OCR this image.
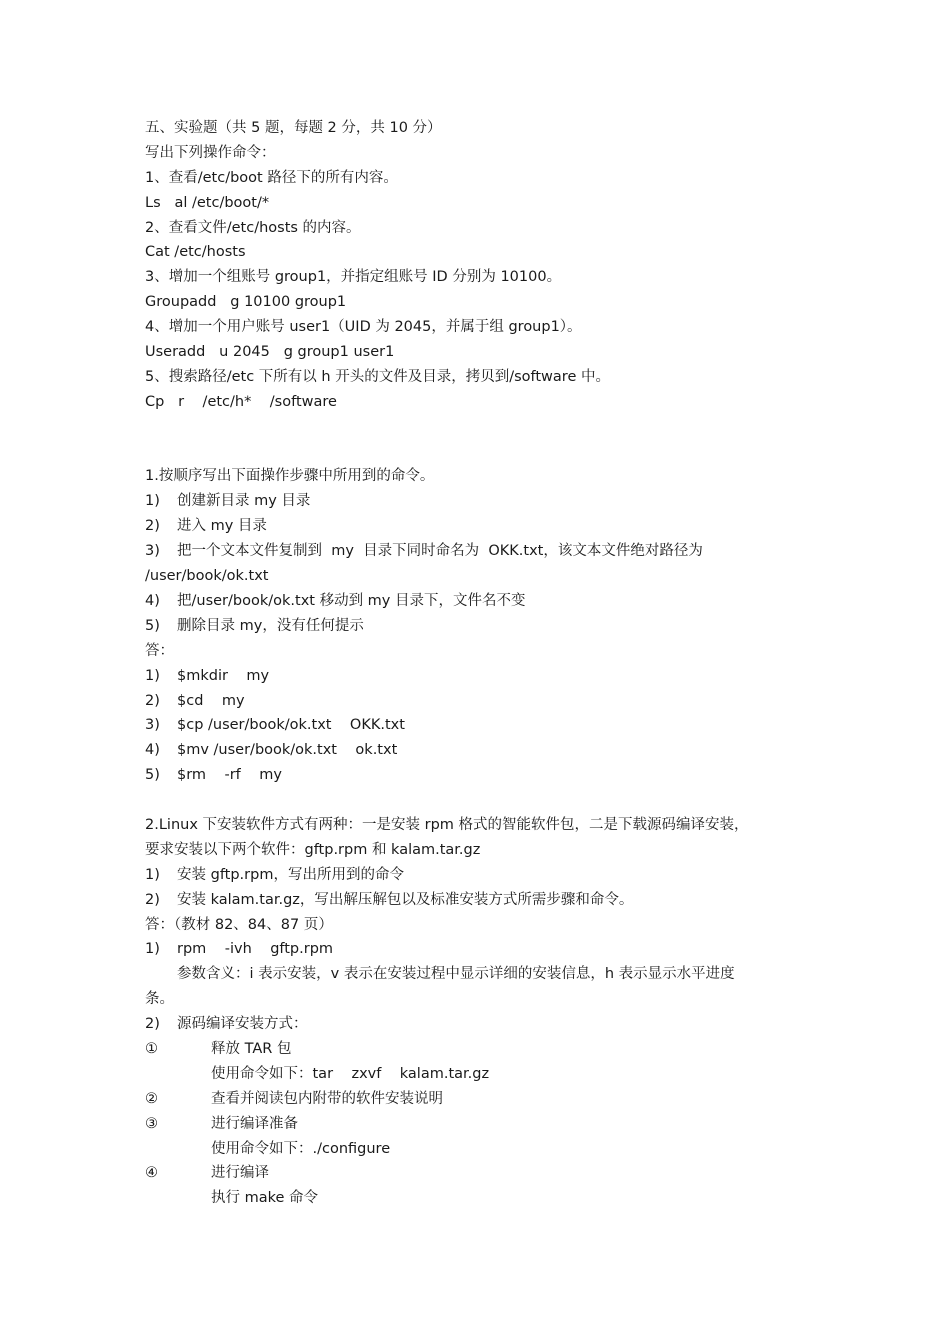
五、实验题（共 5 题，每题 2 分，共 10 分）
写出下列操作命令：
1、查看/etc/boot 路径下的所有内容。
Ls   al /etc/boot/*
2、查看文件/etc/hosts 的内容。
Cat /etc/hosts
3、增加一个组账号 group1，并指定组账号 ID 分别为 10100。
Groupadd   g 10100 group1
4、增加一个用户账号 user1（UID 为 2045，并属于组 group1）。
Useradd   u 2045   g group1 user1
5、搜索路径/etc 下所有以 h 开头的文件及目录，拷贝到/software 中。
Cp   r    /etc/h*    /software
1.按顺序写出下面操作步骤中所用到的命令。
1) 创建新目录 my 目录
2) 进入 my 目录
3) 把一个文本文件复制到  my  目录下同时命名为  OKK.txt，该文本文件绝对路径为
/user/book/ok.txt
4) 把/user/book/ok.txt 移动到 my 目录下，文件名不变
5) 删除目录 my，没有任何提示
答：
1) $mkdir    my
2) $cd    my
3) $cp /user/book/ok.txt    OKK.txt
4) $mv /user/book/ok.txt    ok.txt
5) $rm    -rf    my
2.Linux 下安装软件方式有两种：一是安装 rpm 格式的智能软件包，二是下载源码编译安装，
要求安装以下两个软件：gftp.rpm 和 kalam.tar.gz
1) 安装 gftp.rpm，写出所用到的命令
2) 安装 kalam.tar.gz，写出解压解包以及标准安装方式所需步骤和命令。
答：（教材 82、84、87 页）
1) rpm    -ivh    gftp.rpm
参数含义：i 表示安装，v 表示在安装过程中显示详细的安装信息，h 表示显示水平进度
条。
2) 源码编译安装方式：
①	释放 TAR 包
使用命令如下：tar    zxvf    kalam.tar.gz
②	查看并阅读包内附带的软件安装说明
③	进行编译准备
使用命令如下：./configure
④	进行编译
执行 make 命令
